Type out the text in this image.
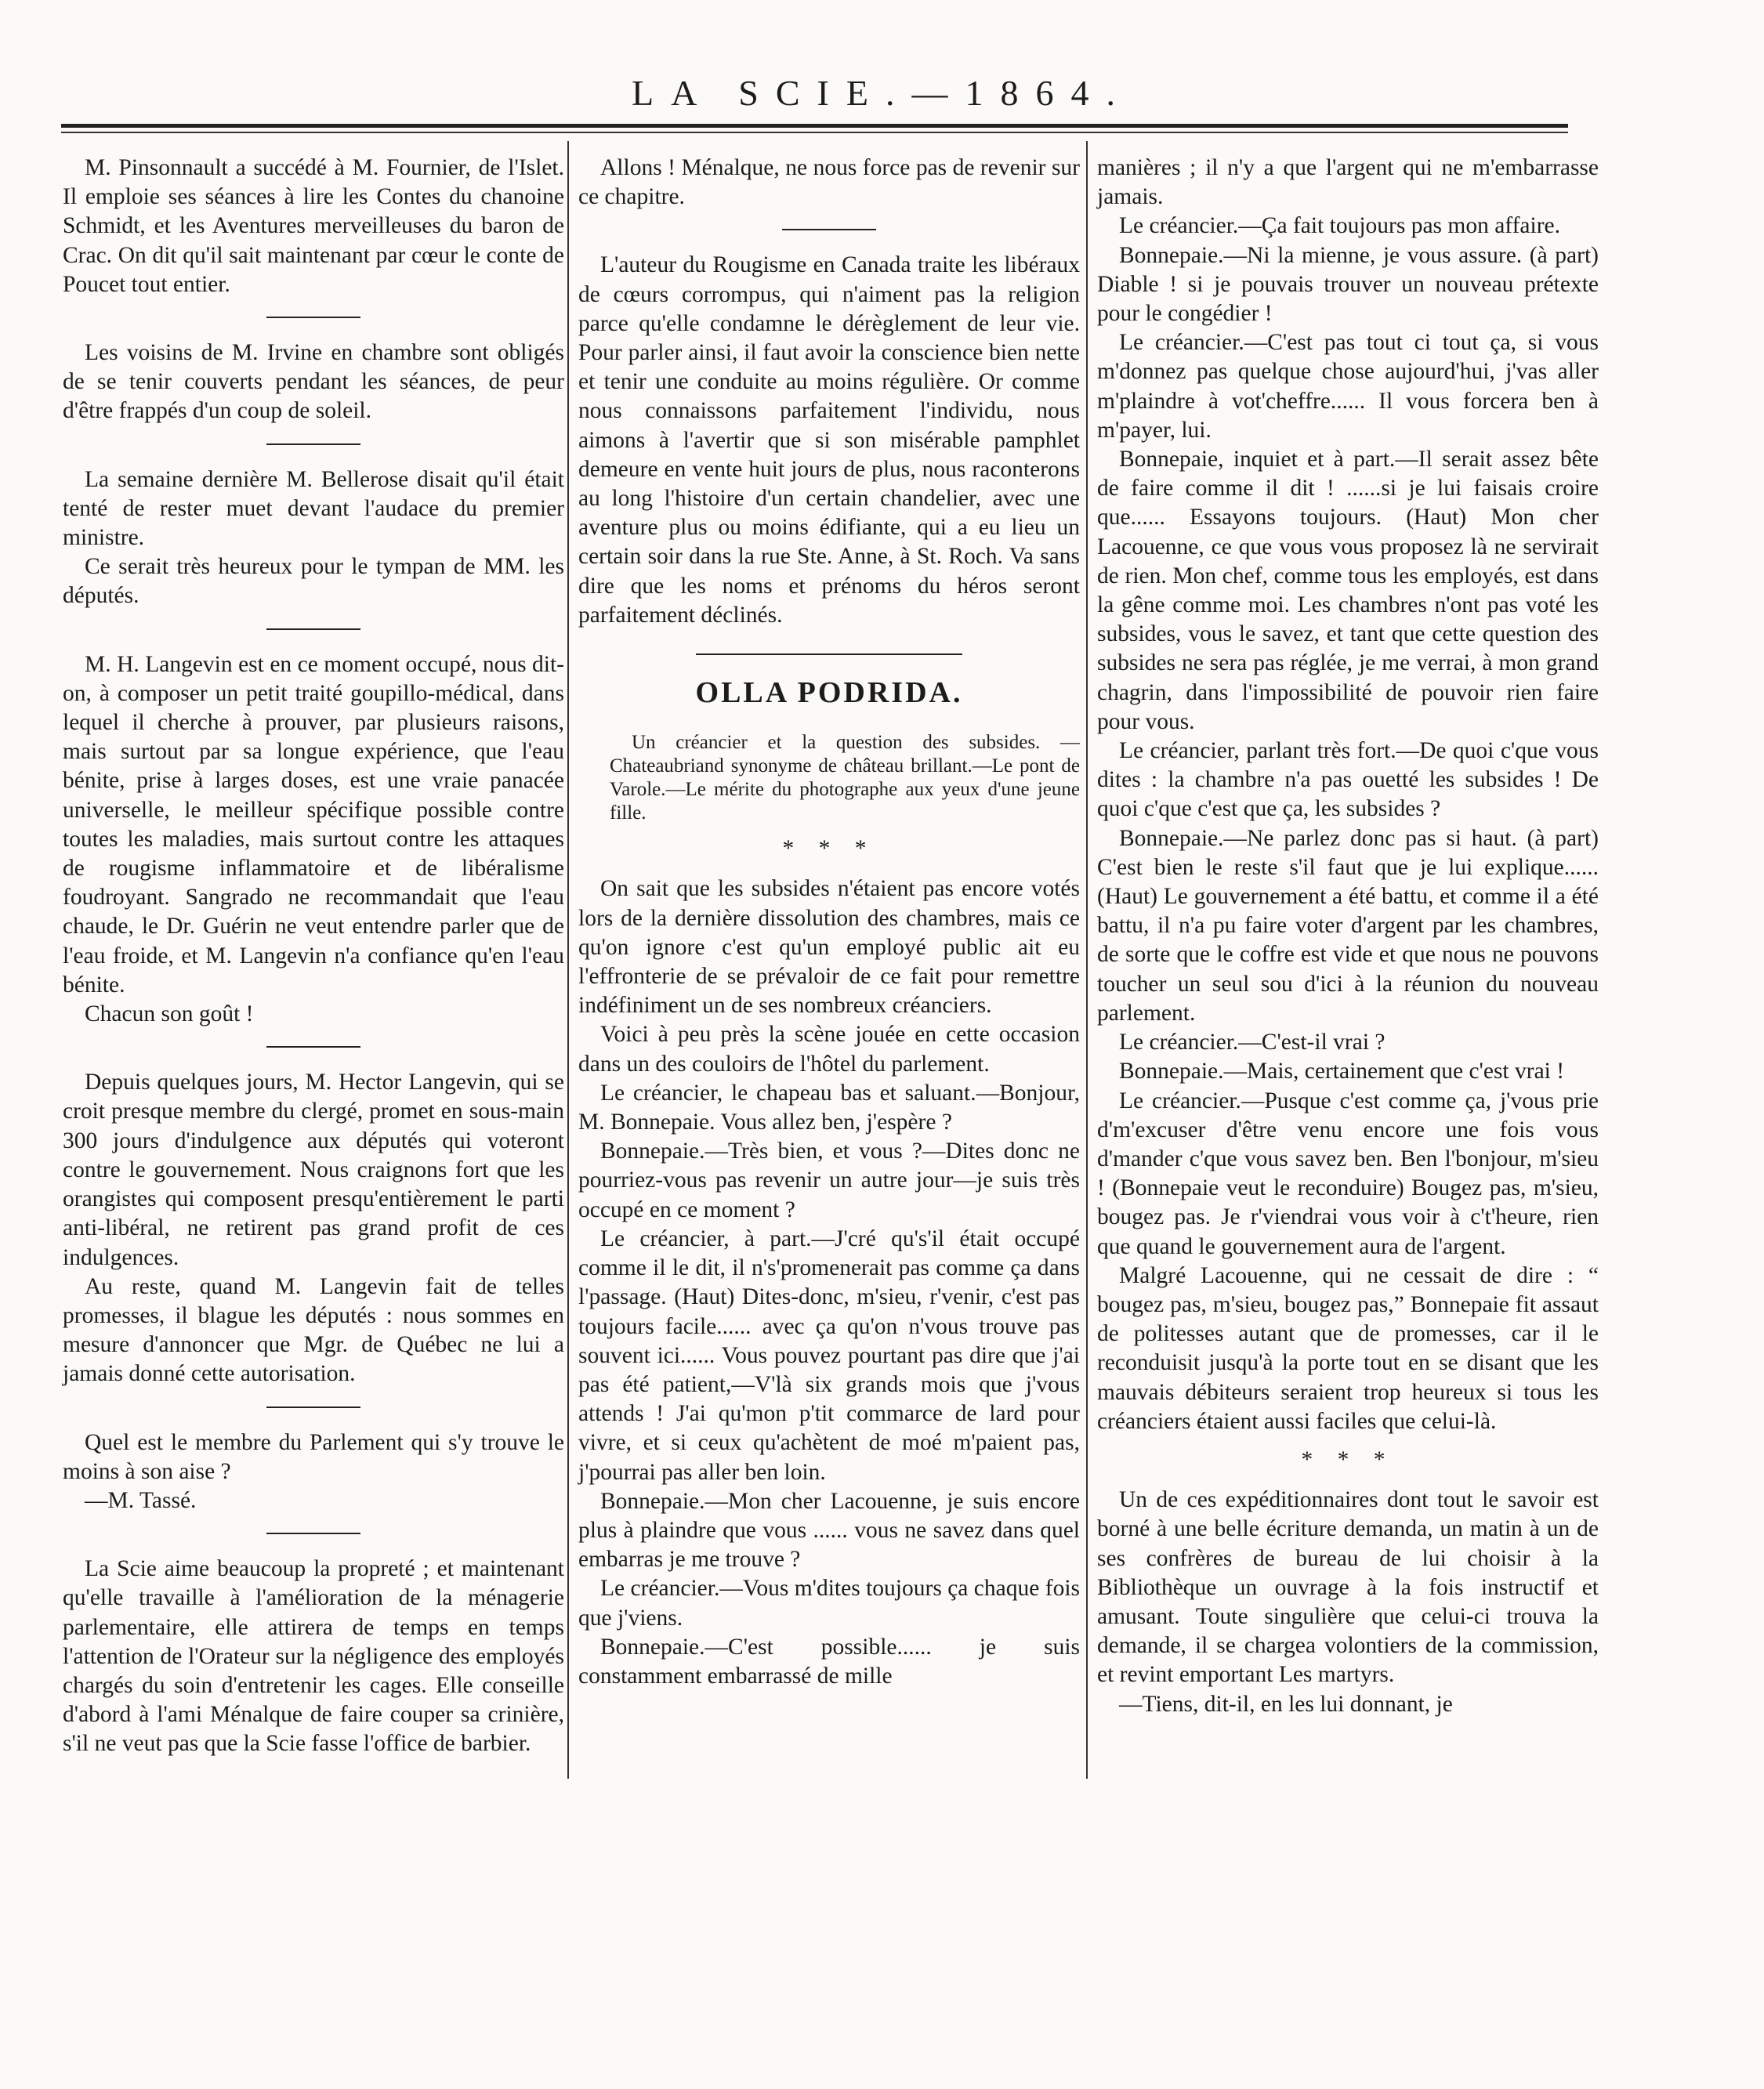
LA SCIE.—1864.

M. Pinsonnault a succédé à M. Fournier, de l'Islet. Il emploie ses séances à lire les Contes du chanoine Schmidt, et les Aventures merveilleuses du baron de Crac. On dit qu'il sait maintenant par cœur le conte de Poucet tout entier.

Les voisins de M. Irvine en chambre sont obligés de se tenir couverts pendant les séances, de peur d'être frappés d'un coup de soleil.

La semaine dernière M. Bellerose disait qu'il était tenté de rester muet devant l'audace du premier ministre.

Ce serait très heureux pour le tympan de MM. les députés.

M. H. Langevin est en ce moment occupé, nous dit-on, à composer un petit traité goupillo-médical, dans lequel il cherche à prouver, par plusieurs raisons, mais surtout par sa longue expérience, que l'eau bénite, prise à larges doses, est une vraie panacée universelle, le meilleur spécifique possible contre toutes les maladies, mais surtout contre les attaques de rougisme inflammatoire et de libéralisme foudroyant. Sangrado ne recommandait que l'eau chaude, le Dr. Guérin ne veut entendre parler que de l'eau froide, et M. Langevin n'a confiance qu'en l'eau bénite.

Chacun son goût !

Depuis quelques jours, M. Hector Langevin, qui se croit presque membre du clergé, promet en sous-main 300 jours d'indulgence aux députés qui voteront contre le gouvernement. Nous craignons fort que les orangistes qui composent presqu'entièrement le parti anti-libéral, ne retirent pas grand profit de ces indulgences.

Au reste, quand M. Langevin fait de telles promesses, il blague les députés : nous sommes en mesure d'annoncer que Mgr. de Québec ne lui a jamais donné cette autorisation.

Quel est le membre du Parlement qui s'y trouve le moins à son aise ?

—M. Tassé.

La Scie aime beaucoup la propreté ; et maintenant qu'elle travaille à l'amélioration de la ménagerie parlementaire, elle attirera de temps en temps l'attention de l'Orateur sur la négligence des employés chargés du soin d'entretenir les cages. Elle conseille d'abord à l'ami Ménalque de faire couper sa crinière, s'il ne veut pas que la Scie fasse l'office de barbier.

Allons ! Ménalque, ne nous force pas de revenir sur ce chapitre.

L'auteur du Rougisme en Canada traite les libéraux de cœurs corrompus, qui n'aiment pas la religion parce qu'elle condamne le dérèglement de leur vie. Pour parler ainsi, il faut avoir la conscience bien nette et tenir une conduite au moins régulière. Or comme nous connaissons parfaitement l'individu, nous aimons à l'avertir que si son misérable pamphlet demeure en vente huit jours de plus, nous raconterons au long l'histoire d'un certain chandelier, avec une aventure plus ou moins édifiante, qui a eu lieu un certain soir dans la rue Ste. Anne, à St. Roch. Va sans dire que les noms et prénoms du héros seront parfaitement déclinés.

OLLA PODRIDA.

Un créancier et la question des subsides. —Chateaubriand synonyme de château brillant.—Le pont de Varole.—Le mérite du photographe aux yeux d'une jeune fille.

* * *

On sait que les subsides n'étaient pas encore votés lors de la dernière dissolution des chambres, mais ce qu'on ignore c'est qu'un employé public ait eu l'effronterie de se prévaloir de ce fait pour remettre indéfiniment un de ses nombreux créanciers.

Voici à peu près la scène jouée en cette occasion dans un des couloirs de l'hôtel du parlement.

Le créancier, le chapeau bas et saluant.—Bonjour, M. Bonnepaie. Vous allez ben, j'espère ?

Bonnepaie.—Très bien, et vous ?—Dites donc ne pourriez-vous pas revenir un autre jour—je suis très occupé en ce moment ?

Le créancier, à part.—J'cré qu's'il était occupé comme il le dit, il n's'promenerait pas comme ça dans l'passage. (Haut) Dites-donc, m'sieu, r'venir, c'est pas toujours facile...... avec ça qu'on n'vous trouve pas souvent ici...... Vous pouvez pourtant pas dire que j'ai pas été patient,—V'là six grands mois que j'vous attends ! J'ai qu'mon p'tit commarce de lard pour vivre, et si ceux qu'achètent de moé m'paient pas, j'pourrai pas aller ben loin.

Bonnepaie.—Mon cher Lacouenne, je suis encore plus à plaindre que vous ...... vous ne savez dans quel embarras je me trouve ?

Le créancier.—Vous m'dites toujours ça chaque fois que j'viens.

Bonnepaie.—C'est possible...... je suis constamment embarrassé de mille

manières ; il n'y a que l'argent qui ne m'embarrasse jamais.

Le créancier.—Ça fait toujours pas mon affaire.

Bonnepaie.—Ni la mienne, je vous assure. (à part) Diable ! si je pouvais trouver un nouveau prétexte pour le congédier !

Le créancier.—C'est pas tout ci tout ça, si vous m'donnez pas quelque chose aujourd'hui, j'vas aller m'plaindre à vot'cheffre...... Il vous forcera ben à m'payer, lui.

Bonnepaie, inquiet et à part.—Il serait assez bête de faire comme il dit ! ......si je lui faisais croire que...... Essayons toujours. (Haut) Mon cher Lacouenne, ce que vous vous proposez là ne servirait de rien. Mon chef, comme tous les employés, est dans la gêne comme moi. Les chambres n'ont pas voté les subsides, vous le savez, et tant que cette question des subsides ne sera pas réglée, je me verrai, à mon grand chagrin, dans l'impossibilité de pouvoir rien faire pour vous.

Le créancier, parlant très fort.—De quoi c'que vous dites : la chambre n'a pas ouetté les subsides ! De quoi c'que c'est que ça, les subsides ?

Bonnepaie.—Ne parlez donc pas si haut. (à part) C'est bien le reste s'il faut que je lui explique...... (Haut) Le gouvernement a été battu, et comme il a été battu, il n'a pu faire voter d'argent par les chambres, de sorte que le coffre est vide et que nous ne pouvons toucher un seul sou d'ici à la réunion du nouveau parlement.

Le créancier.—C'est-il vrai ?

Bonnepaie.—Mais, certainement que c'est vrai !

Le créancier.—Pusque c'est comme ça, j'vous prie d'm'excuser d'être venu encore une fois vous d'mander c'que vous savez ben. Ben l'bonjour, m'sieu ! (Bonnepaie veut le reconduire) Bougez pas, m'sieu, bougez pas. Je r'viendrai vous voir à c't'heure, rien que quand le gouvernement aura de l'argent.

Malgré Lacouenne, qui ne cessait de dire : “ bougez pas, m'sieu, bougez pas,” Bonnepaie fit assaut de politesses autant que de promesses, car il le reconduisit jusqu'à la porte tout en se disant que les mauvais débiteurs seraient trop heureux si tous les créanciers étaient aussi faciles que celui-là.

* * *

Un de ces expéditionnaires dont tout le savoir est borné à une belle écriture demanda, un matin à un de ses confrères de bureau de lui choisir à la Bibliothèque un ouvrage à la fois instructif et amusant. Toute singulière que celui-ci trouva la demande, il se chargea volontiers de la commission, et revint emportant Les martyrs.

—Tiens, dit-il, en les lui donnant, je
